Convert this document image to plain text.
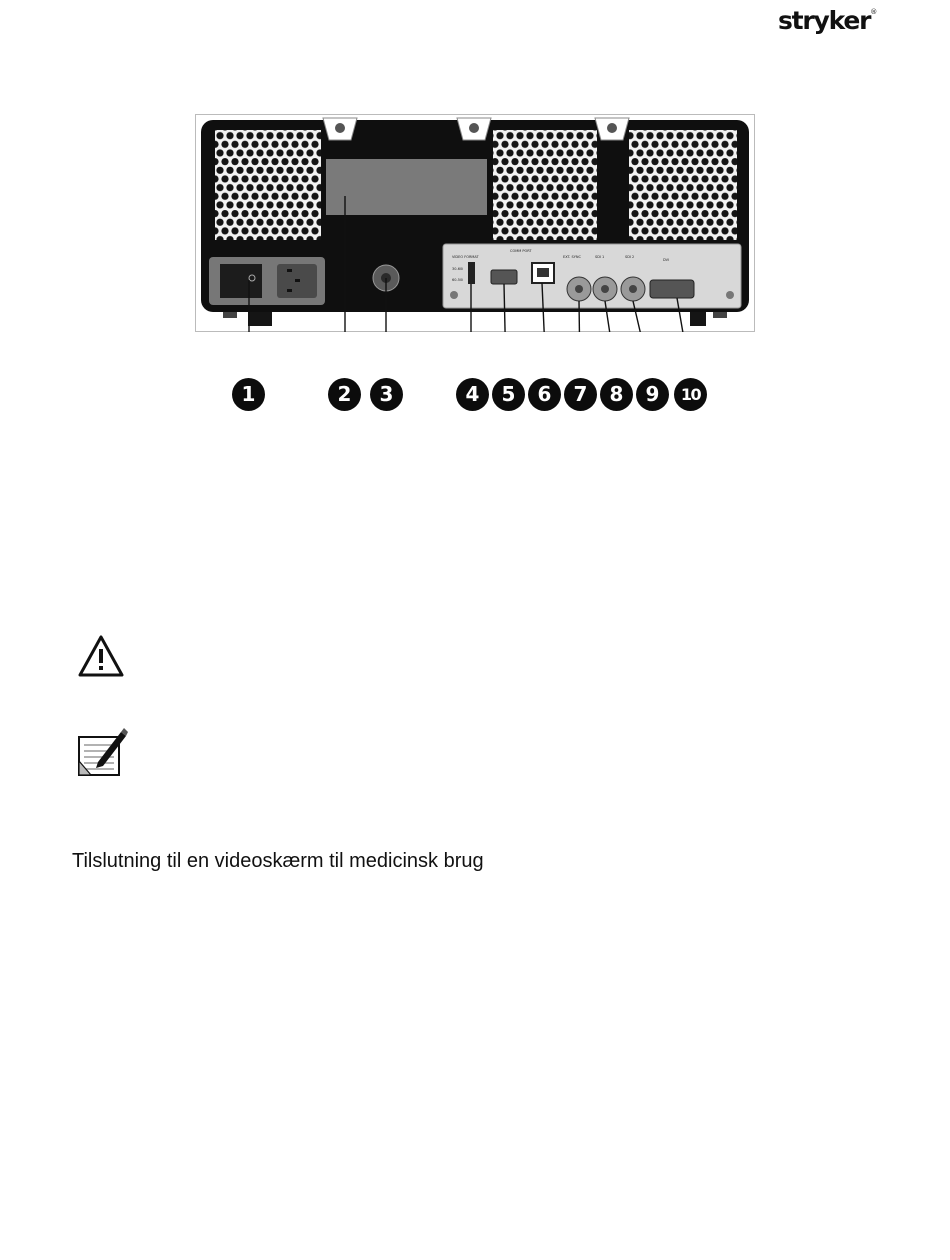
stryker®
VIDEO FORMAT
30-60i
60-50i
COMM PORT
EXT. SYNC	SDI 1	SDI 2
DVI
1	2	3	4	5	6	7	8	9	10
Tilslutning til en videoskærm til medicinsk brug
